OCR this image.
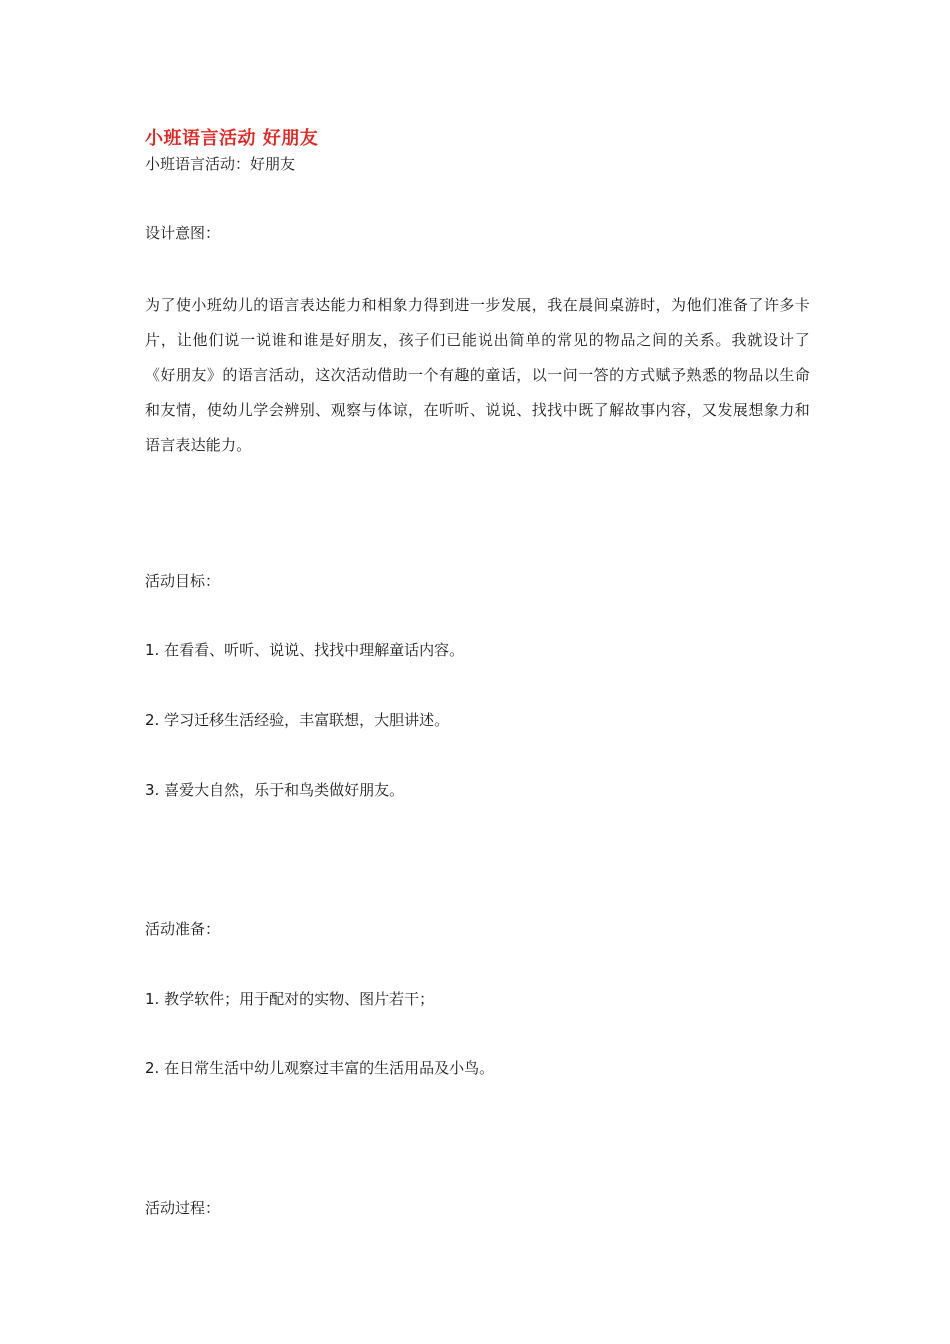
小班语言活动 好朋友
小班语言活动：好朋友
设计意图：
为了使小班幼儿的语言表达能力和相象力得到进一步发展，我在晨间桌游时，为他们准备了许多卡片，让他们说一说谁和谁是好朋友，孩子们已能说出简单的常见的物品之间的关系。我就设计了《好朋友》的语言活动，这次活动借助一个有趣的童话，以一问一答的方式赋予熟悉的物品以生命和友情，使幼儿学会辨别、观察与体谅，在听听、说说、找找中既了解故事内容，又发展想象力和语言表达能力。
活动目标：
1. 在看看、听听、说说、找找中理解童话内容。
2. 学习迁移生活经验，丰富联想，大胆讲述。
3. 喜爱大自然，乐于和鸟类做好朋友。
活动准备：
1. 教学软件；用于配对的实物、图片若干；
2. 在日常生活中幼儿观察过丰富的生活用品及小鸟。
活动过程：
